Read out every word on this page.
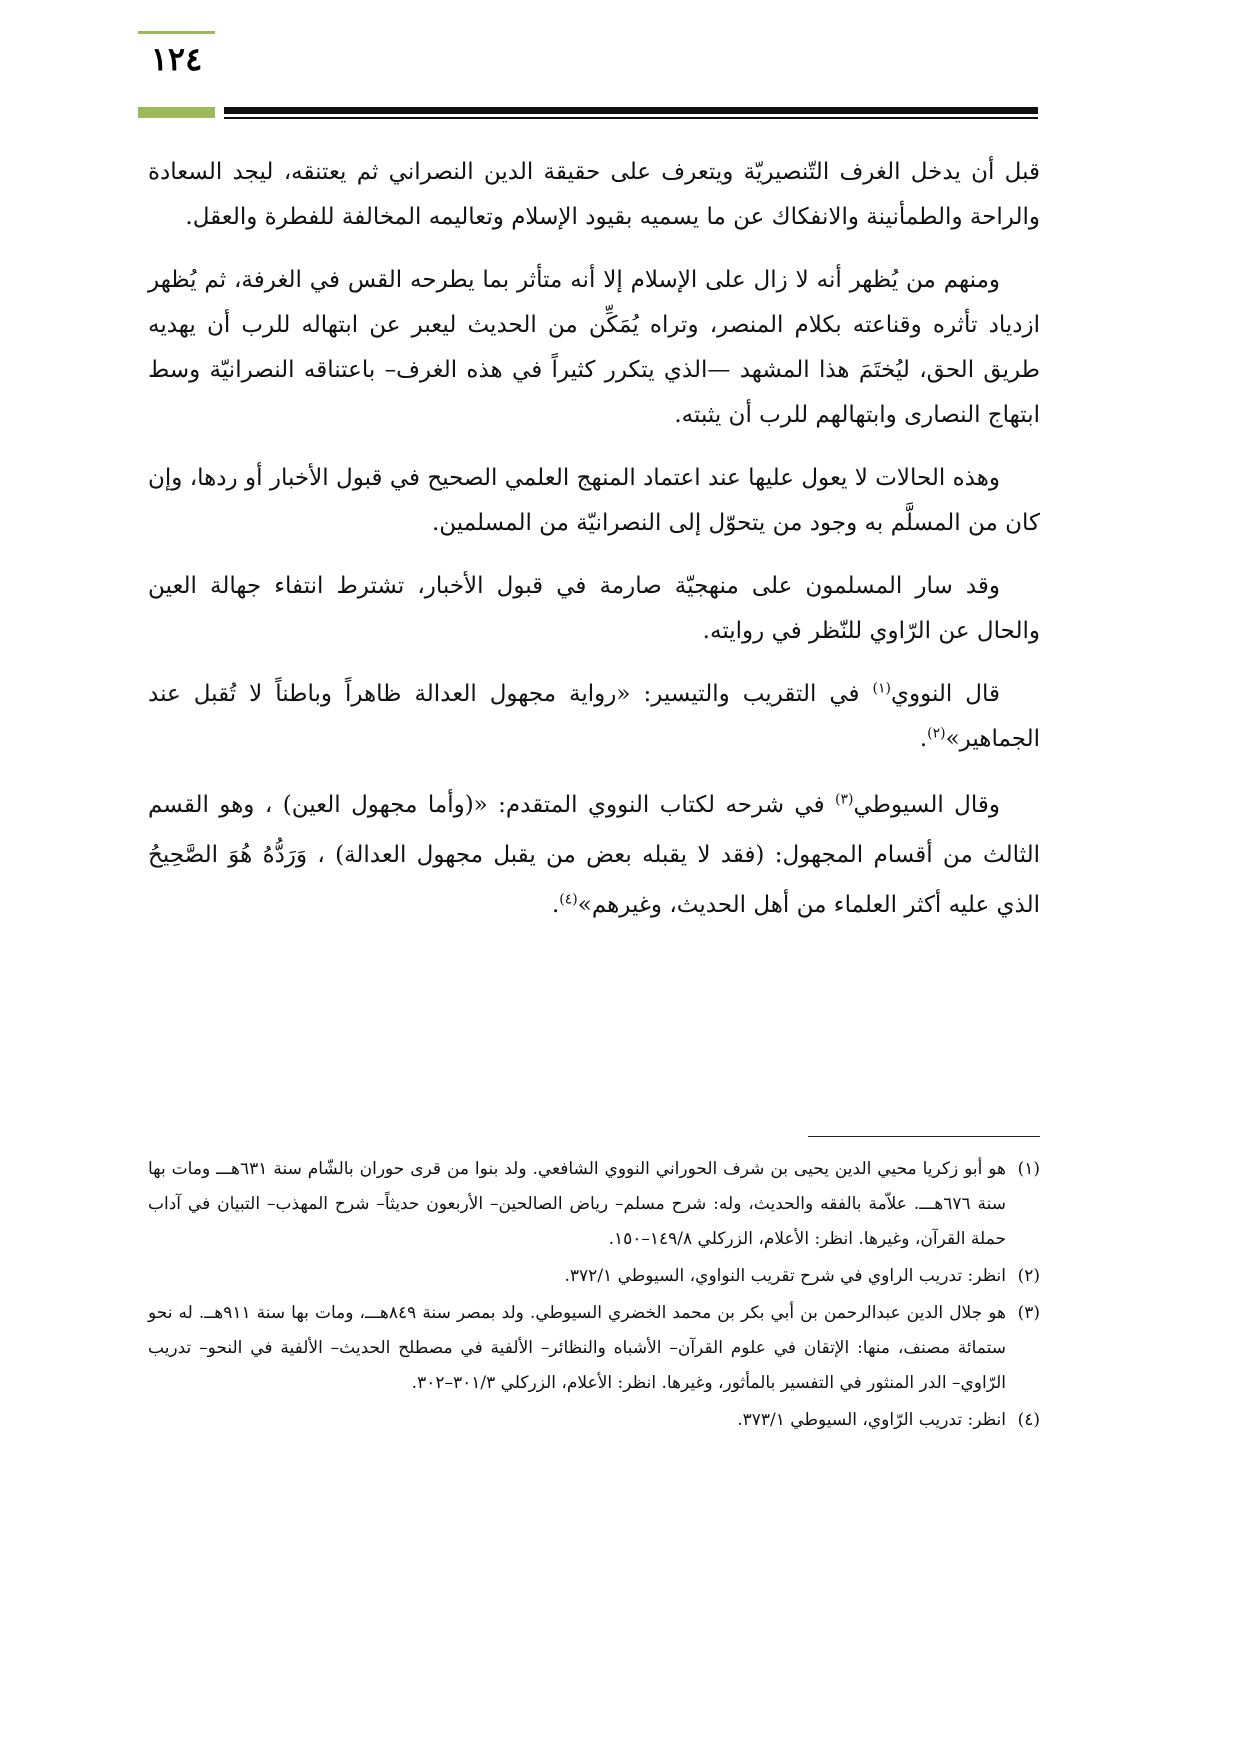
١٢٤

قبل أن يدخل الغرف التّنصيريّة ويتعرف على حقيقة الدين النصراني ثم يعتنقه، ليجد السعادة والراحة والطمأنينة والانفكاك عن ما يسميه بقيود الإسلام وتعاليمه المخالفة للفطرة والعقل.

ومنهم من يُظهر أنه لا زال على الإسلام إلا أنه متأثر بما يطرحه القس في الغرفة، ثم يُظهر ازدياد تأثره وقناعته بكلام المنصر، وتراه يُمَكِّن من الحديث ليعبر عن ابتهاله للرب أن يهديه طريق الحق، ليُختَمَ هذا المشهد —الذي يتكرر كثيراً في هذه الغرف– باعتناقه النصرانيّة وسط ابتهاج النصارى وابتهالهم للرب أن يثبته.

وهذه الحالات لا يعول عليها عند اعتماد المنهج العلمي الصحيح في قبول الأخبار أو ردها، وإن كان من المسلَّم به وجود من يتحوّل إلى النصرانيّة من المسلمين.

وقد سار المسلمون على منهجيّة صارمة في قبول الأخبار، تشترط انتفاء جهالة العين والحال عن الرّاوي للنّظر في روايته.

قال النووي$^{(١)}$ في التقريب والتيسير: «رواية مجهول العدالة ظاهراً وباطناً لا تُقبل عند الجماهير»$^{(٢)}$.

وقال السيوطي$^{(٣)}$ في شرحه لكتاب النووي المتقدم: «(وأما مجهول العين) ، وهو القسم الثالث من أقسام المجهول: (فقد لا يقبله بعض من يقبل مجهول العدالة) ، وَرَدُّهُ هُوَ الصَّحِيحُ الذي عليه أكثر العلماء من أهل الحديث، وغيرهم»$^{(٤)}$.

(١)
هو أبو زكريا محيي الدين يحيى بن شرف الحوراني النووي الشافعي. ولد بنوا من قرى حوران بالشّام سنة ٦٣١هـــ ومات بها سنة ٦٧٦هـــ. علاّمة بالفقه والحديث، وله: شرح مسلم– رياض الصالحين– الأربعون حديثاً– شرح المهذب– التبيان في آداب حملة القرآن، وغيرها. انظر: الأعلام، الزركلي ١٤٩/٨–١٥٠.

(٢)
انظر: تدريب الراوي في شرح تقريب النواوي، السيوطي ٣٧٢/١.

(٣)
هو جلال الدين عبدالرحمن بن أبي بكر بن محمد الخضري السيوطي. ولد بمصر سنة ٨٤٩هـــ، ومات بها سنة ٩١١هــ. له نحو ستمائة مصنف، منها: الإتقان في علوم القرآن– الأشباه والنظائر– الألفية في مصطلح الحديث– الألفية في النحو– تدريب الرّاوي– الدر المنثور في التفسير بالمأثور، وغيرها. انظر: الأعلام، الزركلي ٣٠١/٣–٣٠٢.

(٤)
انظر: تدريب الرّاوي، السيوطي ٣٧٣/١.
